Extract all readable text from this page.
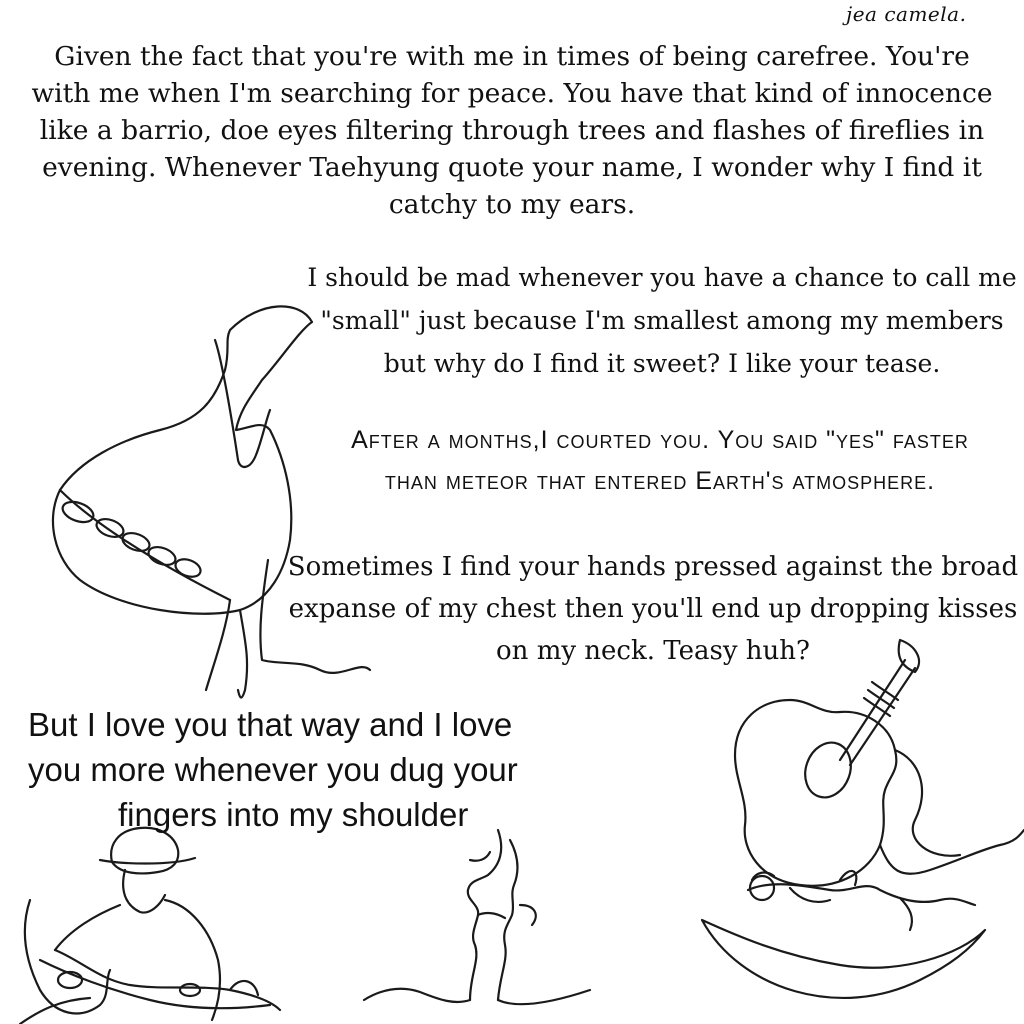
jea camela.
Given the fact that you're with me in times of being carefree. You're with me when I'm searching for peace. You have that kind of innocence like a barrio, doe eyes filtering through trees and flashes of fireflies in evening. Whenever Taehyung quote your name, I wonder why I find it catchy to my ears.
I should be mad whenever you have a chance to call me "small" just because I'm smallest among my members but why do I find it sweet? I like your tease.
After a months,I courted you. You said "yes" faster than meteor that entered Earth's atmosphere.
Sometimes I find your hands pressed against the broad expanse of my chest then you'll end up dropping kisses on my neck. Teasy huh?
But I love you that way and I love
you more whenever you dug your
fingers into my shoulder
